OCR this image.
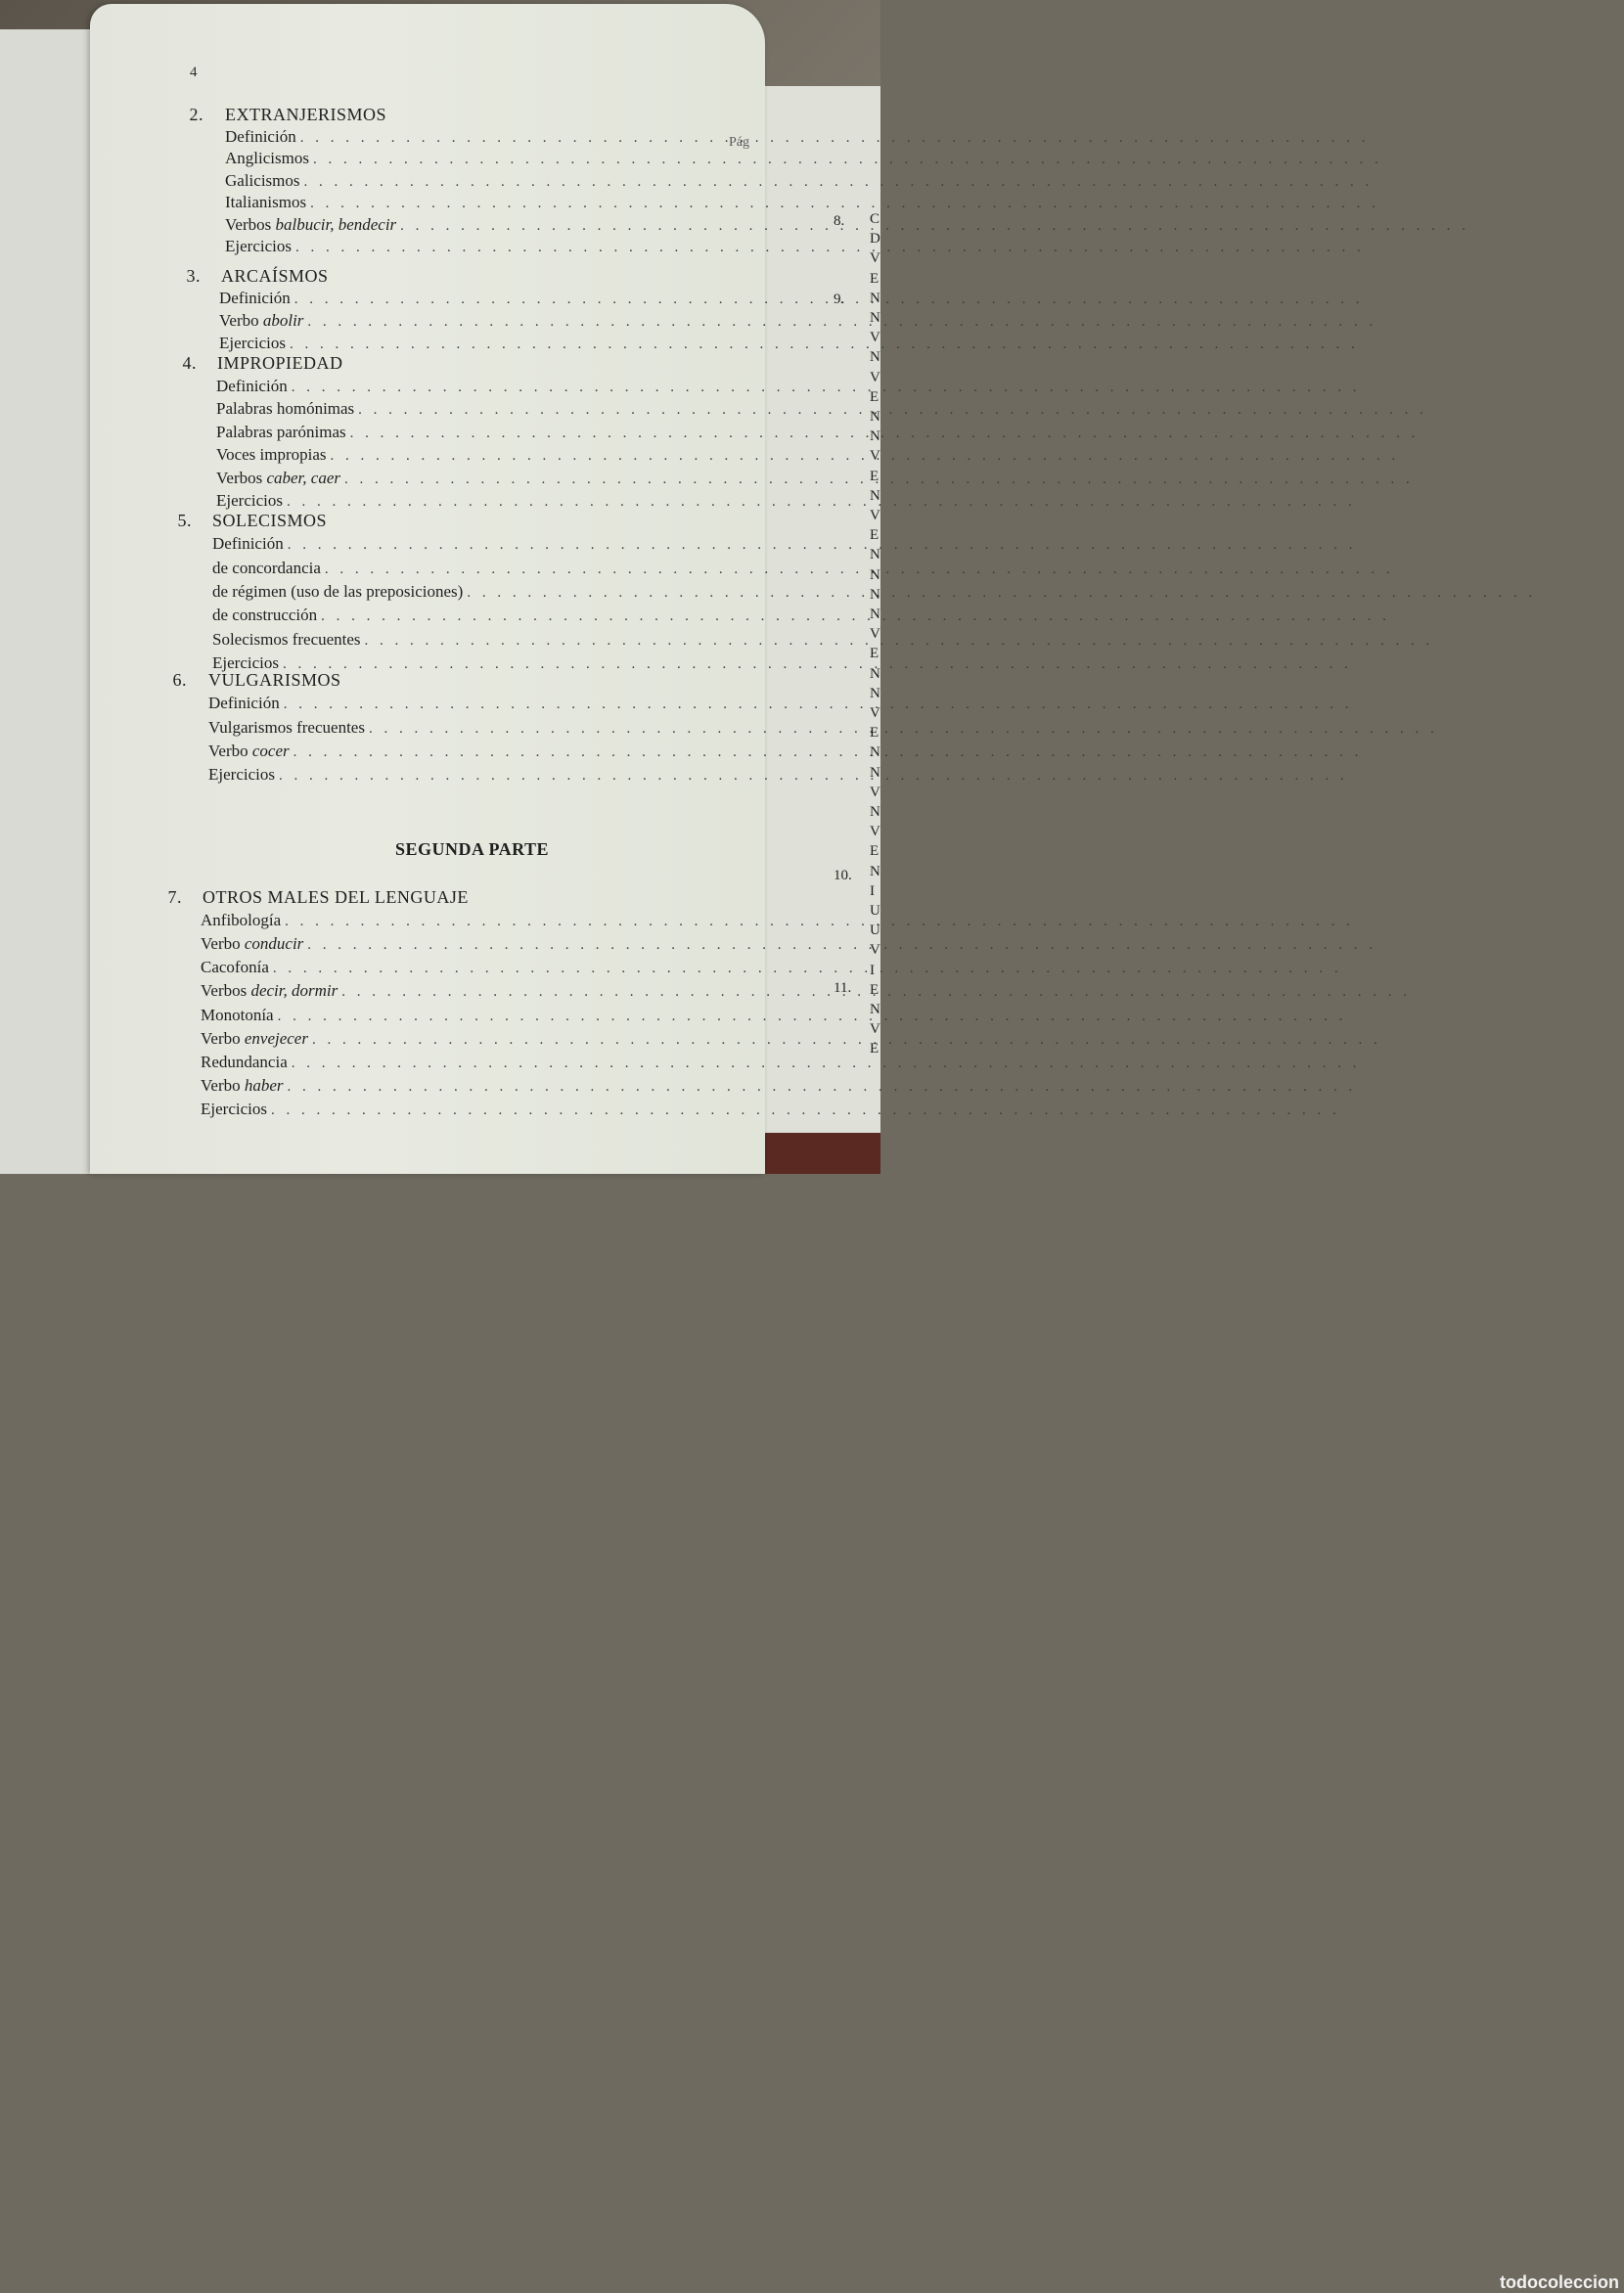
todocoleccion
4
Pág
SEGUNDA PARTE
2. EXTRANJERISMOS
Definición
. . .
Anglicismos
. . .
Galicismos
. . .
Italianismos
. . .
Verbos balbucir, bendecir
. . .
Ejercicios
. . .
3. ARCAÍSMOS
Definición
. . .
Verbo abolir
. . .
Ejercicios
. . .
4. IMPROPIEDAD
Definición
. . .
Palabras homónimas
. . .
Palabras parónimas
. . .
Voces impropias
. . .
Verbos caber, caer
. . .
Ejercicios
. . .
5. SOLECISMOS
Definición
. . .
de concordancia
. . .
de régimen (uso de las preposiciones)
. . .
de construcción
. . .
Solecismos frecuentes
. . .
Ejercicios
. . .
6. VULGARISMOS
Definición
. . .
Vulgarismos frecuentes
. . .
Verbo cocer
. . .
Ejercicios
. . .
7. OTROS MALES DEL LENGUAJE
Anfibología
. . .
Verbo conducir
. . .
Cacofonía
. . .
Verbos decir, dormir
. . .
Monotonía
. . .
Verbo envejecer
. . .
Redundancia
. . .
Verbo haber
. . .
Ejercicios
. . .
8.
9.
10.
11.
C
D
V
E
N
N
V
N
V
E
N
N
V
E
N
V
E
N
N
N
N
V
E
N
N
V
E
N
N
V
N
V
E
N
I
U
U
V
I
E
N
V
E
